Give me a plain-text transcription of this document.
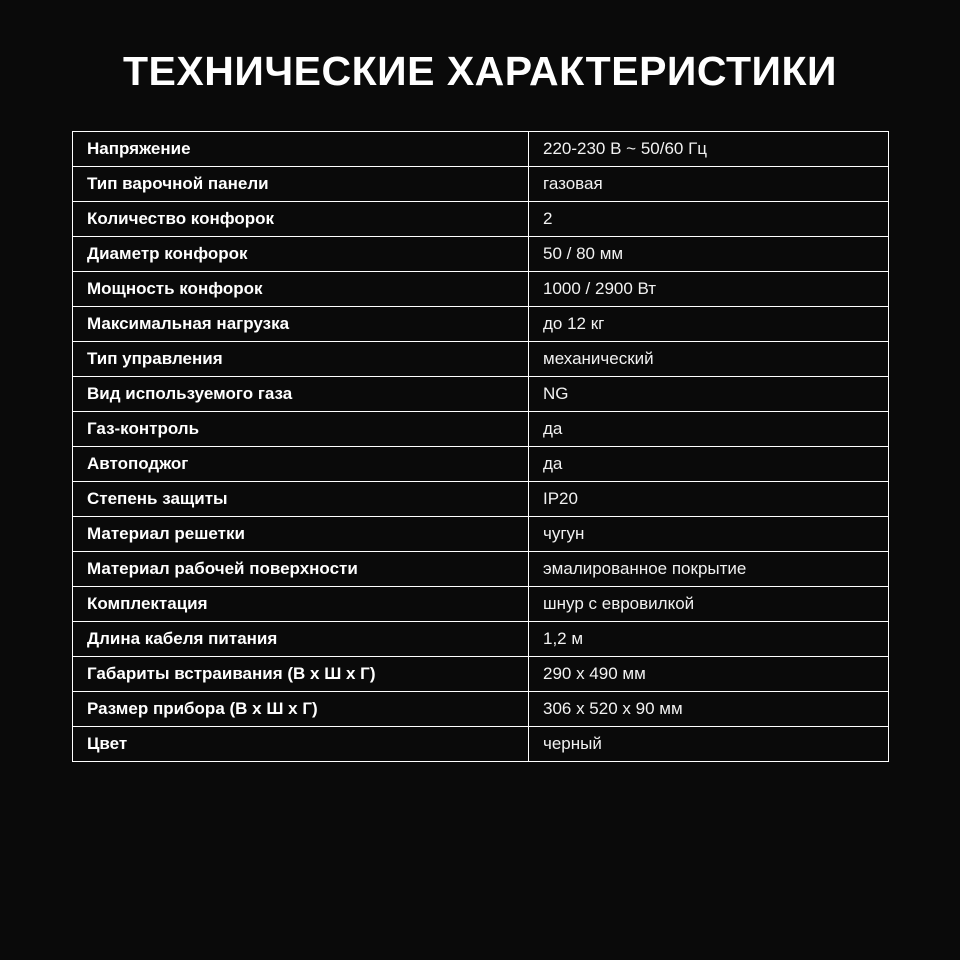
ТЕХНИЧЕСКИЕ ХАРАКТЕРИСТИКИ
Напряжение	220-230 В ~ 50/60 Гц
Тип варочной панели	газовая
Количество конфорок	2
Диаметр конфорок	50 / 80 мм
Мощность конфорок	1000 / 2900 Вт
Максимальная нагрузка	до 12 кг
Тип управления	механический
Вид используемого газа	NG
Газ-контроль	да
Автоподжог	да
Степень защиты	IP20
Материал решетки	чугун
Материал рабочей поверхности	эмалированное покрытие
Комплектация	шнур с евровилкой
Длина кабеля питания	1,2 м
Габариты встраивания (В х Ш х Г)	290 х 490 мм
Размер прибора (В х Ш х Г)	306 х 520 х 90 мм
Цвет	черный
